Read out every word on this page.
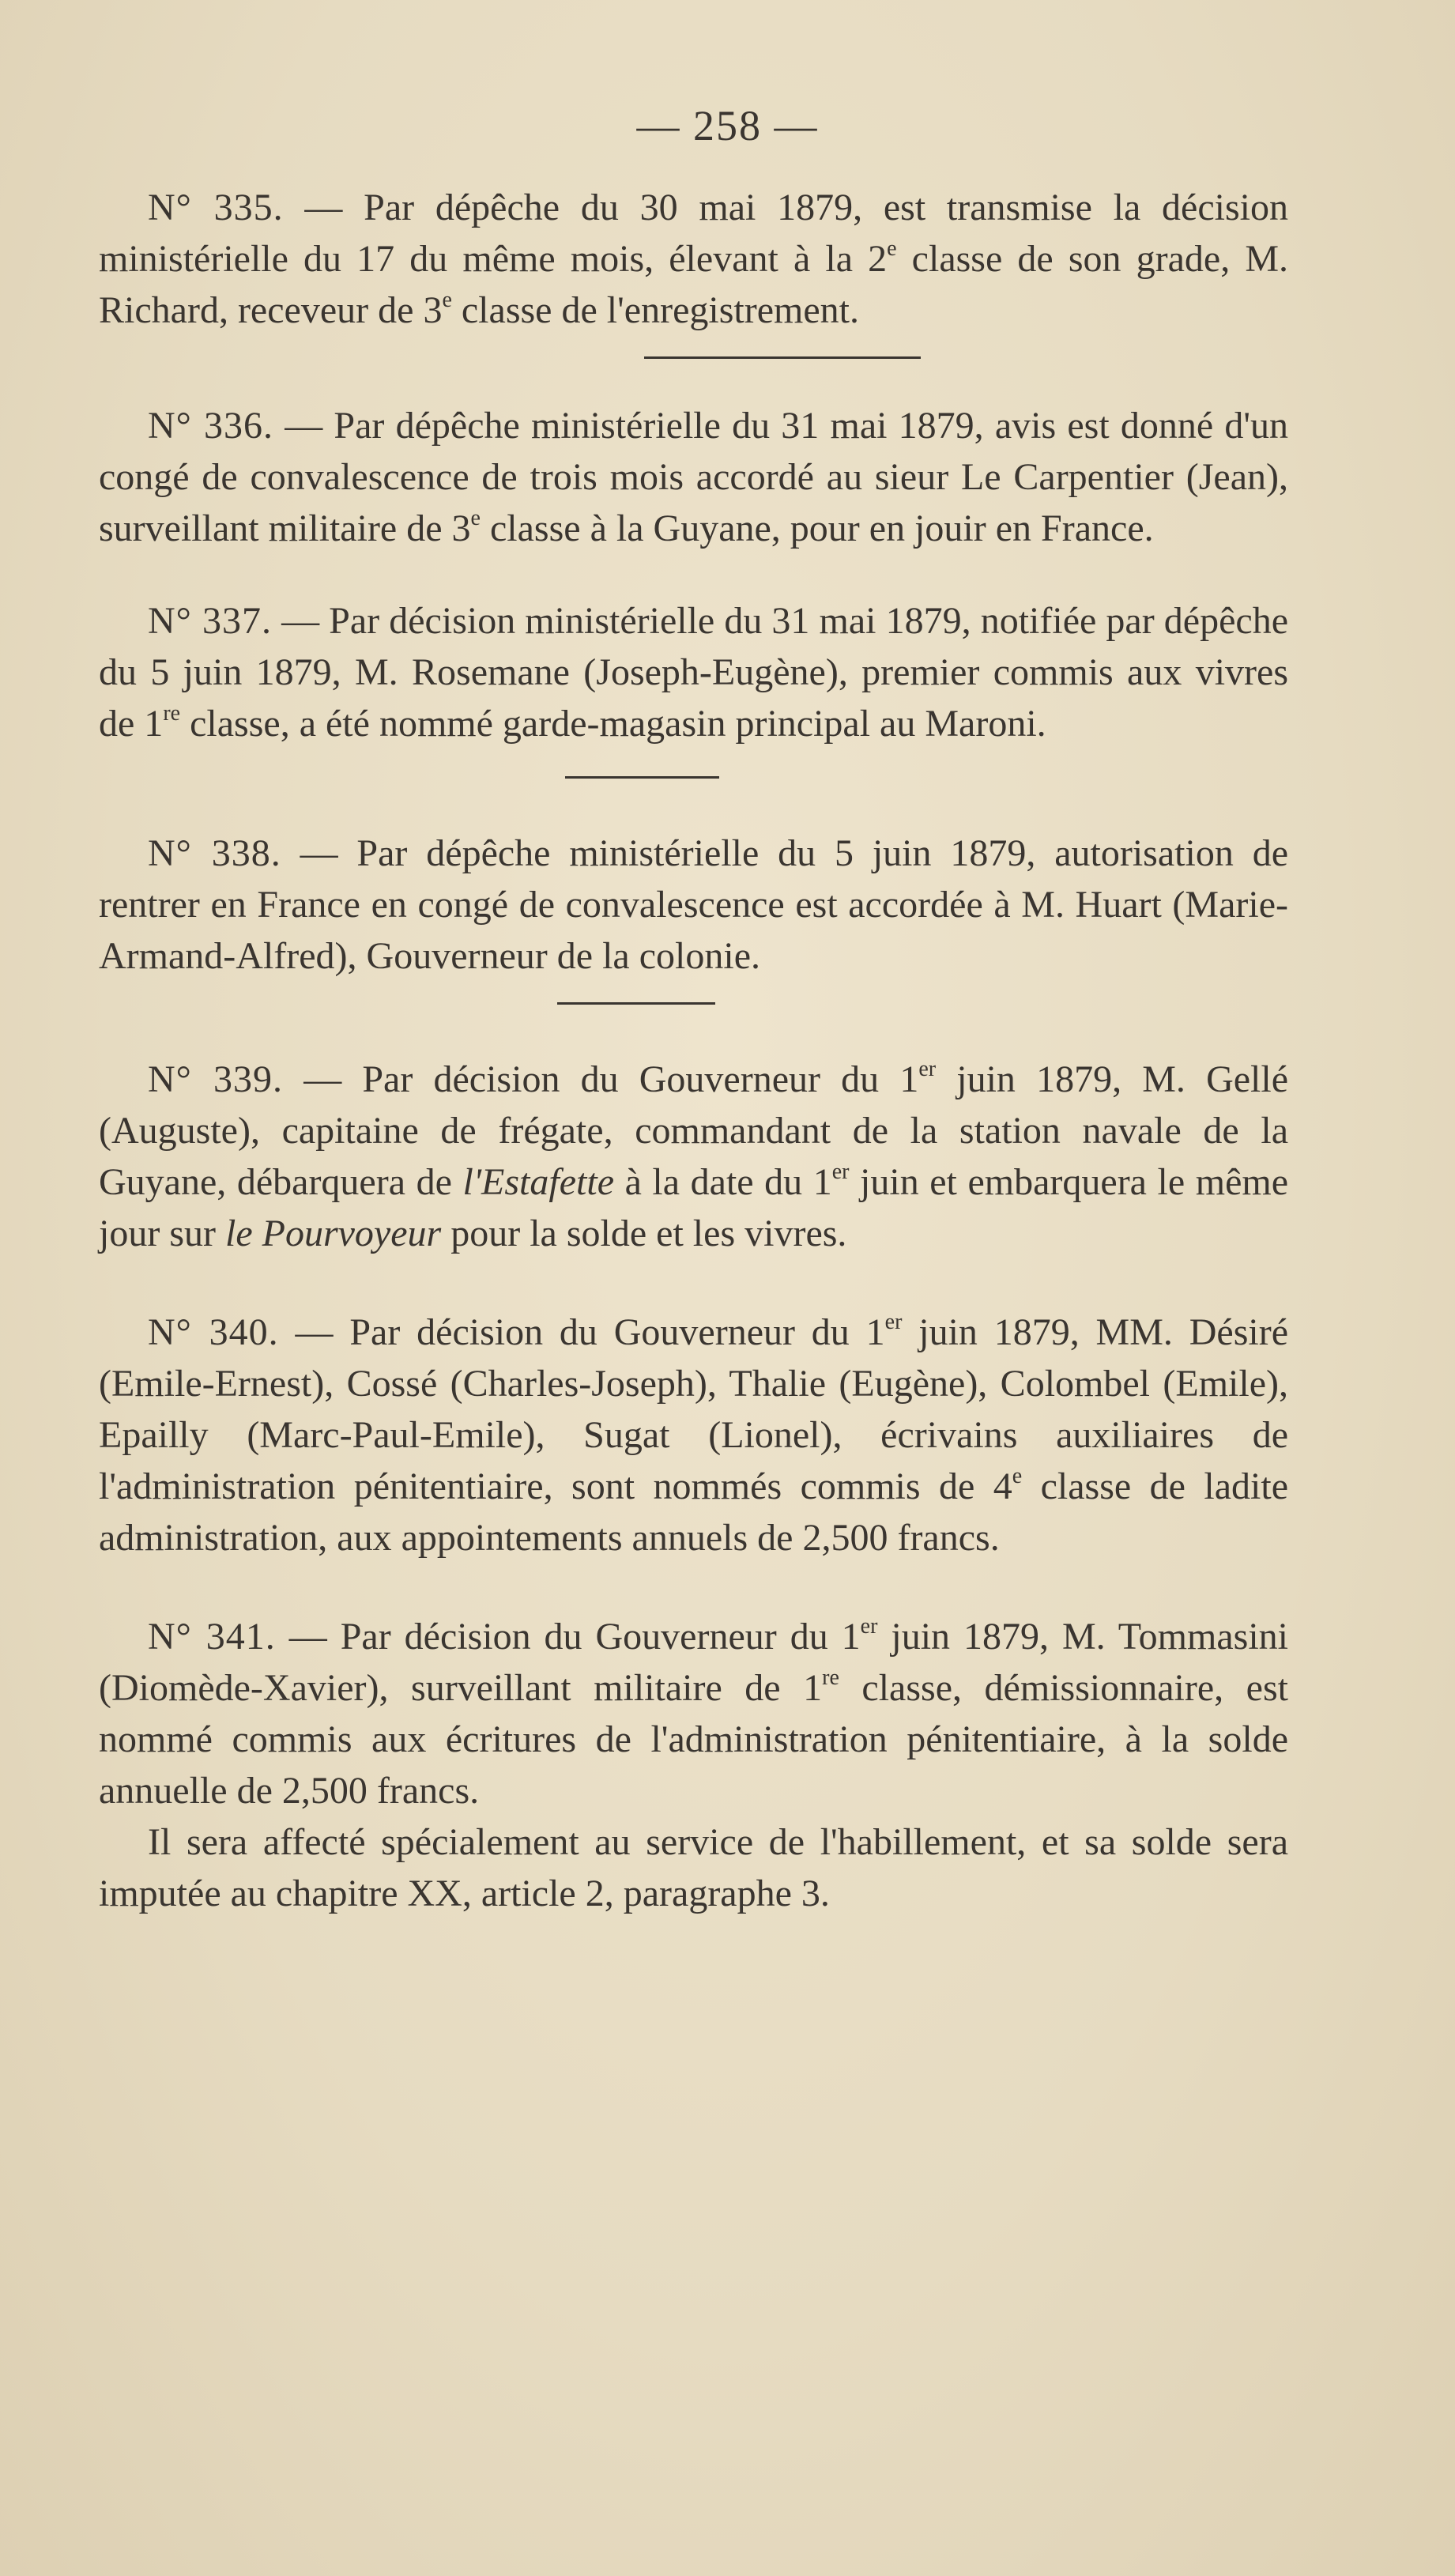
— 258 —

N° 335. — Par dépêche du 30 mai 1879, est transmise la décision ministérielle du 17 du même mois, élevant à la 2e classe de son grade, M. Richard, receveur de 3e classe de l'enregistrement.

N° 336. — Par dépêche ministérielle du 31 mai 1879, avis est donné d'un congé de convalescence de trois mois accordé au sieur Le Carpentier (Jean), surveillant militaire de 3e classe à la Guyane, pour en jouir en France.

N° 337. — Par décision ministérielle du 31 mai 1879, notifiée par dépêche du 5 juin 1879, M. Rosemane (Joseph-Eugène), premier commis aux vivres de 1re classe, a été nommé garde-magasin principal au Maroni.

N° 338. — Par dépêche ministérielle du 5 juin 1879, autorisation de rentrer en France en congé de convalescence est accordée à M. Huart (Marie-Armand-Alfred), Gouverneur de la colonie.

N° 339. — Par décision du Gouverneur du 1er juin 1879, M. Gellé (Auguste), capitaine de frégate, commandant de la station navale de la Guyane, débarquera de l'Estafette à la date du 1er juin et embarquera le même jour sur le Pourvoyeur pour la solde et les vivres.

N° 340. — Par décision du Gouverneur du 1er juin 1879, MM. Désiré (Emile-Ernest), Cossé (Charles-Joseph), Thalie (Eugène), Colombel (Emile), Epailly (Marc-Paul-Emile), Sugat (Lionel), écrivains auxiliaires de l'administration pénitentiaire, sont nommés commis de 4e classe de ladite administration, aux appointements annuels de 2,500 francs.

N° 341. — Par décision du Gouverneur du 1er juin 1879, M. Tommasini (Diomède-Xavier), surveillant militaire de 1re classe, démissionnaire, est nommé commis aux écritures de l'administration pénitentiaire, à la solde annuelle de 2,500 francs.

Il sera affecté spécialement au service de l'habillement, et sa solde sera imputée au chapitre XX, article 2, paragraphe 3.
